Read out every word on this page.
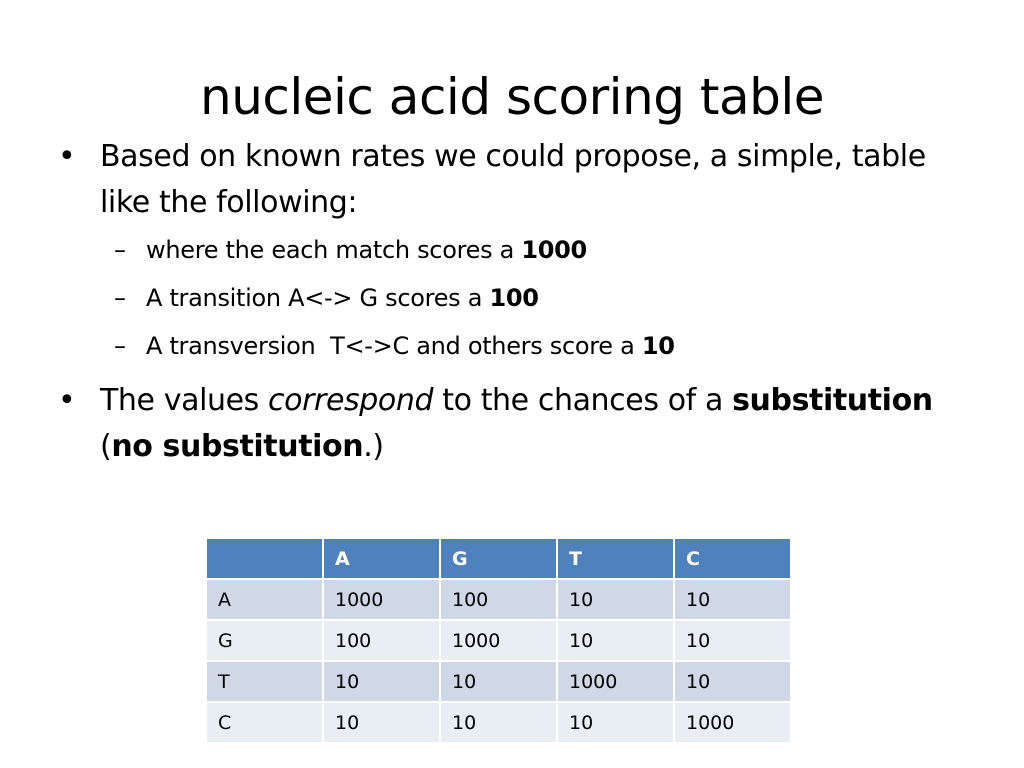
nucleic acid scoring table
• Based on known rates we could propose, a simple, table like the following:
– where the each match scores a 1000
– A transition A<-> G scores a 100
– A transversion  T<->C and others score a 10
• The values correspond to the chances of a substitution (no substitution.)
	A	G	T	C
A	1000	100	10	10
G	100	1000	10	10
T	10	10	1000	10
C	10	10	10	1000
